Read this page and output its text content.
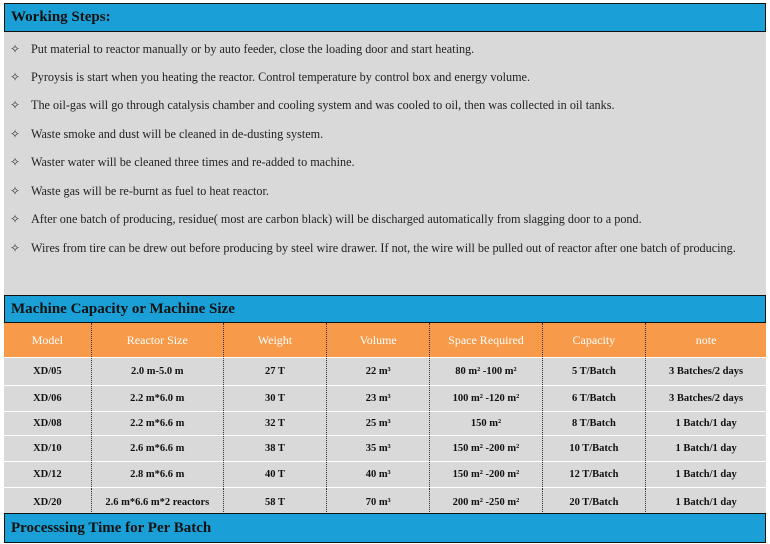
Working Steps:
✧ Put material to reactor manually or by auto feeder, close the loading door and start heating.
✧ Pyroysis is start when you heating the reactor. Control temperature by control box and energy volume.
✧ The oil-gas will go through catalysis chamber and cooling system and was cooled to oil, then was collected in oil tanks.
✧ Waste smoke and dust will be cleaned in de-dusting system.
✧ Waster water will be cleaned three times and re-added to machine.
✧ Waste gas will be re-burnt as fuel to heat reactor.
✧ After one batch of producing, residue( most are carbon black) will be discharged automatically from slagging door to a pond.
✧ Wires from tire can be drew out before producing by steel wire drawer. If not, the wire will be pulled out of reactor after one batch of producing.
Machine Capacity or Machine Size
Model	Reactor Size	Weight	Volume	Space Required	Capacity	note
XD/05	2.0 m-5.0 m	27 T	22 m³	80 m² -100 m²	5 T/Batch	3 Batches/2 days
XD/06	2.2 m*6.0 m	30 T	23 m³	100 m² -120 m²	6 T/Batch	3 Batches/2 days
XD/08	2.2 m*6.6 m	32 T	25 m³	150 m²	8 T/Batch	1 Batch/1 day
XD/10	2.6 m*6.6 m	38 T	35 m³	150 m² -200 m²	10 T/Batch	1 Batch/1 day
XD/12	2.8 m*6.6 m	40 T	40 m³	150 m² -200 m²	12 T/Batch	1 Batch/1 day
XD/20	2.6 m*6.6 m*2 reactors	58 T	70 m³	200 m² -250 m²	20 T/Batch	1 Batch/1 day
Processsing Time for Per Batch
